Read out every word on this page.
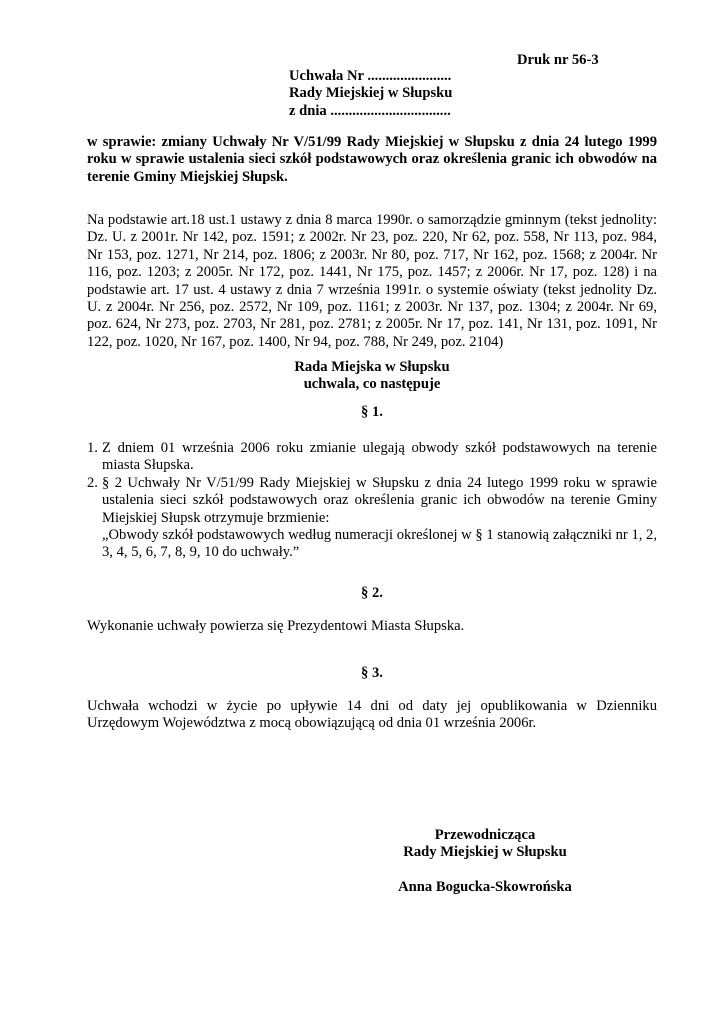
Druk nr 56-3
Uchwała Nr .......................
Rady Miejskiej w Słupsku
z dnia .................................

w sprawie: zmiany Uchwały Nr V/51/99 Rady Miejskiej w Słupsku z dnia 24 lutego 1999 roku w sprawie ustalenia sieci szkół podstawowych oraz określenia granic ich obwodów na terenie Gminy Miejskiej Słupsk.

Na podstawie art.18 ust.1 ustawy z dnia 8 marca 1990r. o samorządzie gminnym (tekst jednolity: Dz. U. z 2001r. Nr 142, poz. 1591; z 2002r. Nr 23, poz. 220, Nr 62, poz. 558, Nr 113, poz. 984, Nr 153, poz. 1271, Nr 214, poz. 1806; z 2003r. Nr 80, poz. 717, Nr 162, poz. 1568; z 2004r. Nr 116, poz. 1203; z 2005r. Nr 172, poz. 1441, Nr 175, poz. 1457; z 2006r. Nr 17, poz. 128) i na podstawie art. 17 ust. 4 ustawy z dnia 7 września 1991r. o systemie oświaty (tekst jednolity Dz. U. z 2004r. Nr 256, poz. 2572, Nr 109, poz. 1161; z 2003r. Nr 137, poz. 1304; z 2004r. Nr 69, poz. 624, Nr 273, poz. 2703, Nr 281, poz. 2781; z 2005r. Nr 17, poz. 141, Nr 131, poz. 1091, Nr 122, poz. 1020, Nr 167, poz. 1400, Nr 94, poz. 788, Nr 249, poz. 2104)

Rada Miejska w Słupsku
uchwala, co następuje
§ 1.
1. Z dniem 01 września 2006 roku zmianie ulegają obwody szkół podstawowych na terenie miasta Słupska.
2. § 2 Uchwały Nr V/51/99 Rady Miejskiej w Słupsku z dnia 24 lutego 1999 roku w sprawie ustalenia sieci szkół podstawowych oraz określenia granic ich obwodów na terenie Gminy Miejskiej Słupsk otrzymuje brzmienie:
„Obwody szkół podstawowych według numeracji określonej w § 1 stanowią załączniki nr 1, 2, 3, 4, 5, 6, 7, 8, 9, 10 do uchwały.”
§ 2.

Wykonanie uchwały powierza się Prezydentowi Miasta Słupska.

§ 3.

Uchwała wchodzi w życie po upływie 14 dni od daty jej opublikowania w Dzienniku Urzędowym Województwa z mocą obowiązującą od dnia 01 września 2006r.

Przewodnicząca
Rady Miejskiej w Słupsku
Anna Bogucka-Skowrońska
